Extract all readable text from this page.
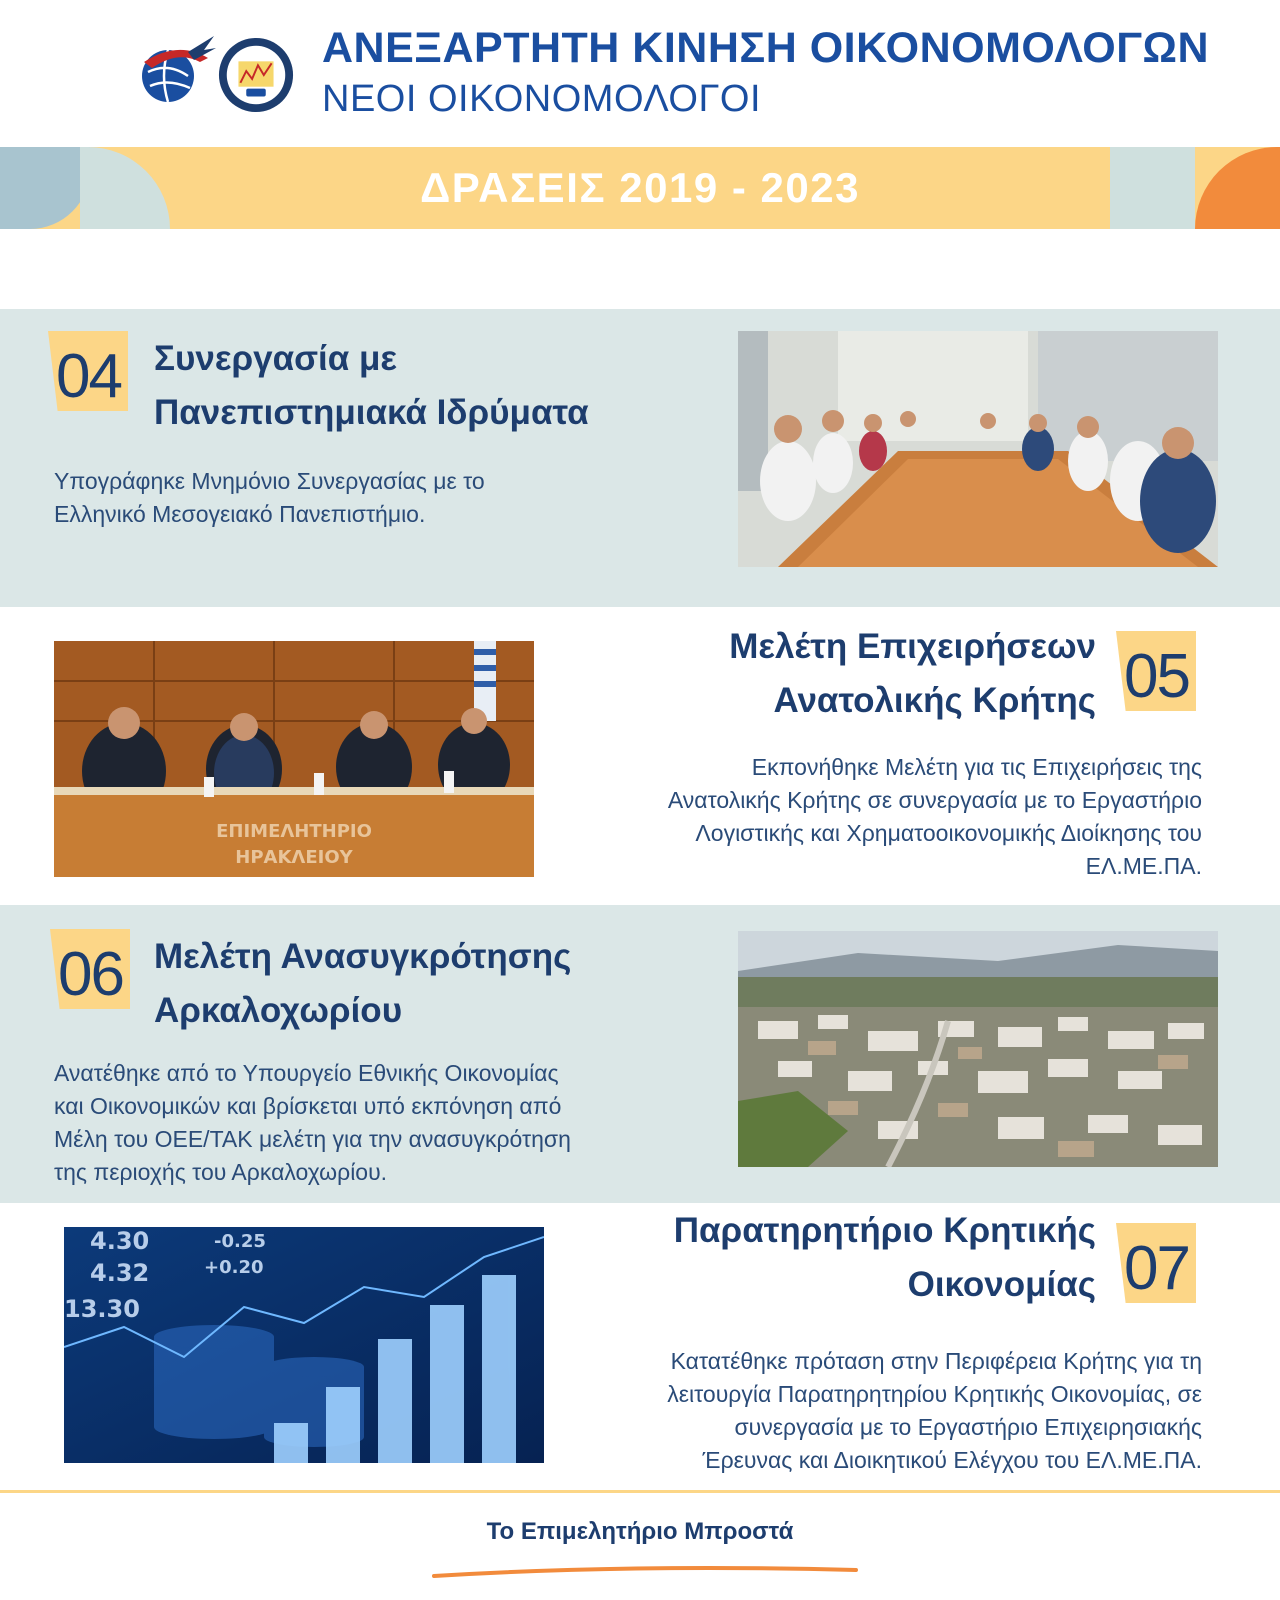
ΑΝΕΞΑΡΤΗΤΗ ΚΙΝΗΣΗ ΟΙΚΟΝΟΜΟΛΟΓΩΝ
ΝΕΟΙ ΟΙΚΟΝΟΜΟΛΟΓΟΙ
ΔΡΑΣΕΙΣ 2019 - 2023
04 Συνεργασία με
Πανεπιστημιακά Ιδρύματα
Υπογράφηκε Μνημόνιο Συνεργασίας με το Ελληνικό Μεσογειακό Πανεπιστήμιο.
ΕΠΙΜΕΛΗΤΗΡΙΟ
ΗΡΑΚΛΕΙΟΥ
Μελέτη Επιχειρήσεων
Ανατολικής Κρήτης 05
Εκπονήθηκε Μελέτη για τις Επιχειρήσεις της Ανατολικής Κρήτης σε συνεργασία με το Εργαστήριο Λογιστικής και Χρηματοοικονομικής Διοίκησης του ΕΛ.ΜΕ.ΠΑ.
06 Μελέτη Ανασυγκρότησης
Αρκαλοχωρίου
Ανατέθηκε από το Υπουργείο Εθνικής Οικονομίας και Οικονομικών και βρίσκεται υπό εκπόνηση από Μέλη του ΟΕΕ/ΤΑΚ μελέτη για την ανασυγκρότηση της περιοχής του Αρκαλοχωρίου.
4.30	-0.25
4.32	+0.20
13.30
Παρατηρητήριο Κρητικής
Οικονομίας 07
Κατατέθηκε πρόταση στην Περιφέρεια Κρήτης για τη λειτουργία Παρατηρητηρίου Κρητικής Οικονομίας, σε συνεργασία με το Εργαστήριο Επιχειρησιακής Έρευνας και Διοικητικού Ελέγχου του ΕΛ.ΜΕ.ΠΑ.
Το Επιμελητήριο Μπροστά
